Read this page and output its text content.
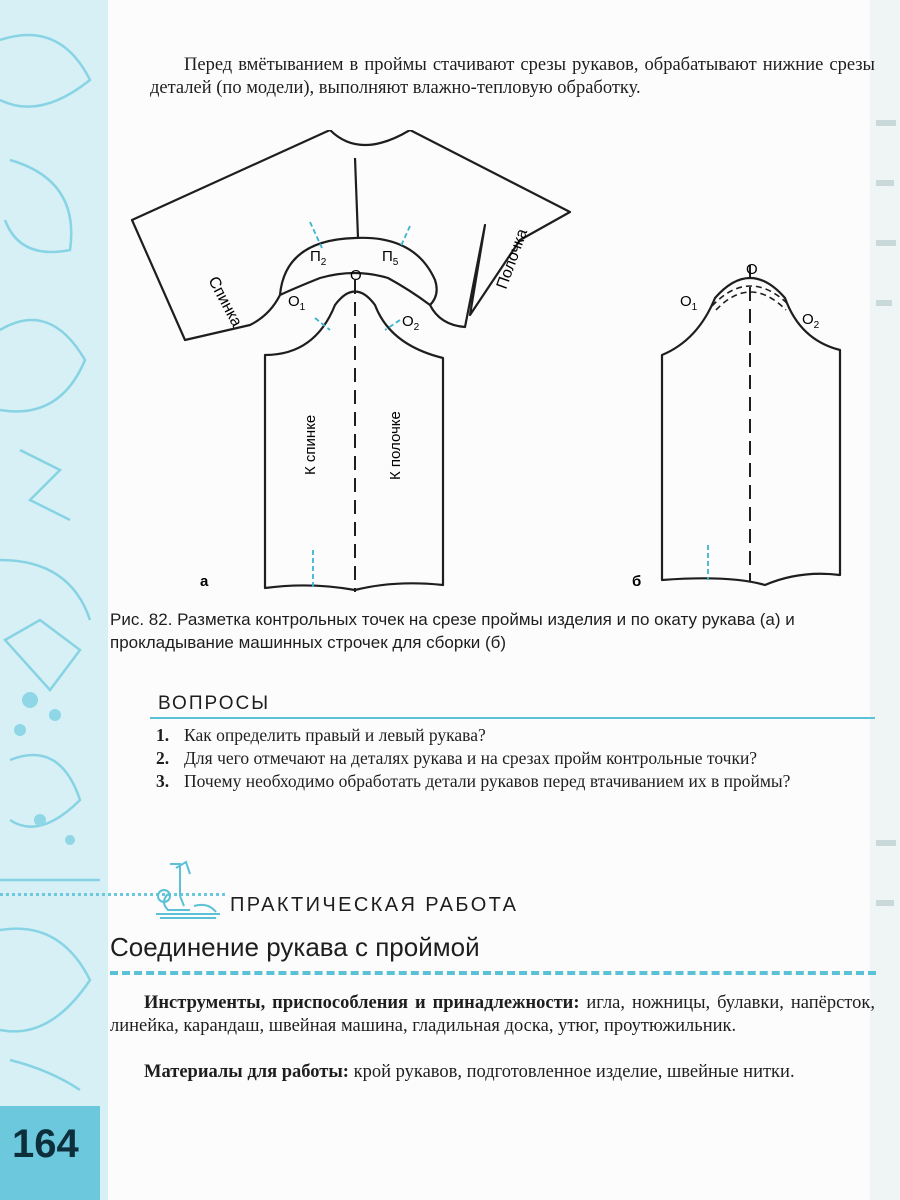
Перед вмётыванием в проймы стачивают срезы рукавов, обрабатывают нижние срезы деталей (по модели), выполняют влажно-тепловую обработку.
Спинка
Полочка
$П_2$	$П_5$
О
$О_1$
$О_2$
К спинке	К полочке
а	б
О
$О_1$
$О_2$
Рис. 82. Разметка контрольных точек на срезе проймы изделия и по окату рукава (а) и прокладывание машинных строчек для сборки (б)
ВОПРОСЫ
1. Как определить правый и левый рукава?
2. Для чего отмечают на деталях рукава и на срезах пройм контрольные точки?
3. Почему необходимо обработать детали рукавов перед втачиванием их в проймы?
ПРАКТИЧЕСКАЯ РАБОТА
Соединение рукава с проймой
Инструменты, приспособления и принадлежности: игла, ножницы, булавки, напёрсток, линейка, карандаш, швейная машина, гладильная доска, утюг, проутюжильник.
Материалы для работы: крой рукавов, подготовленное изделие, швейные нитки.
164
